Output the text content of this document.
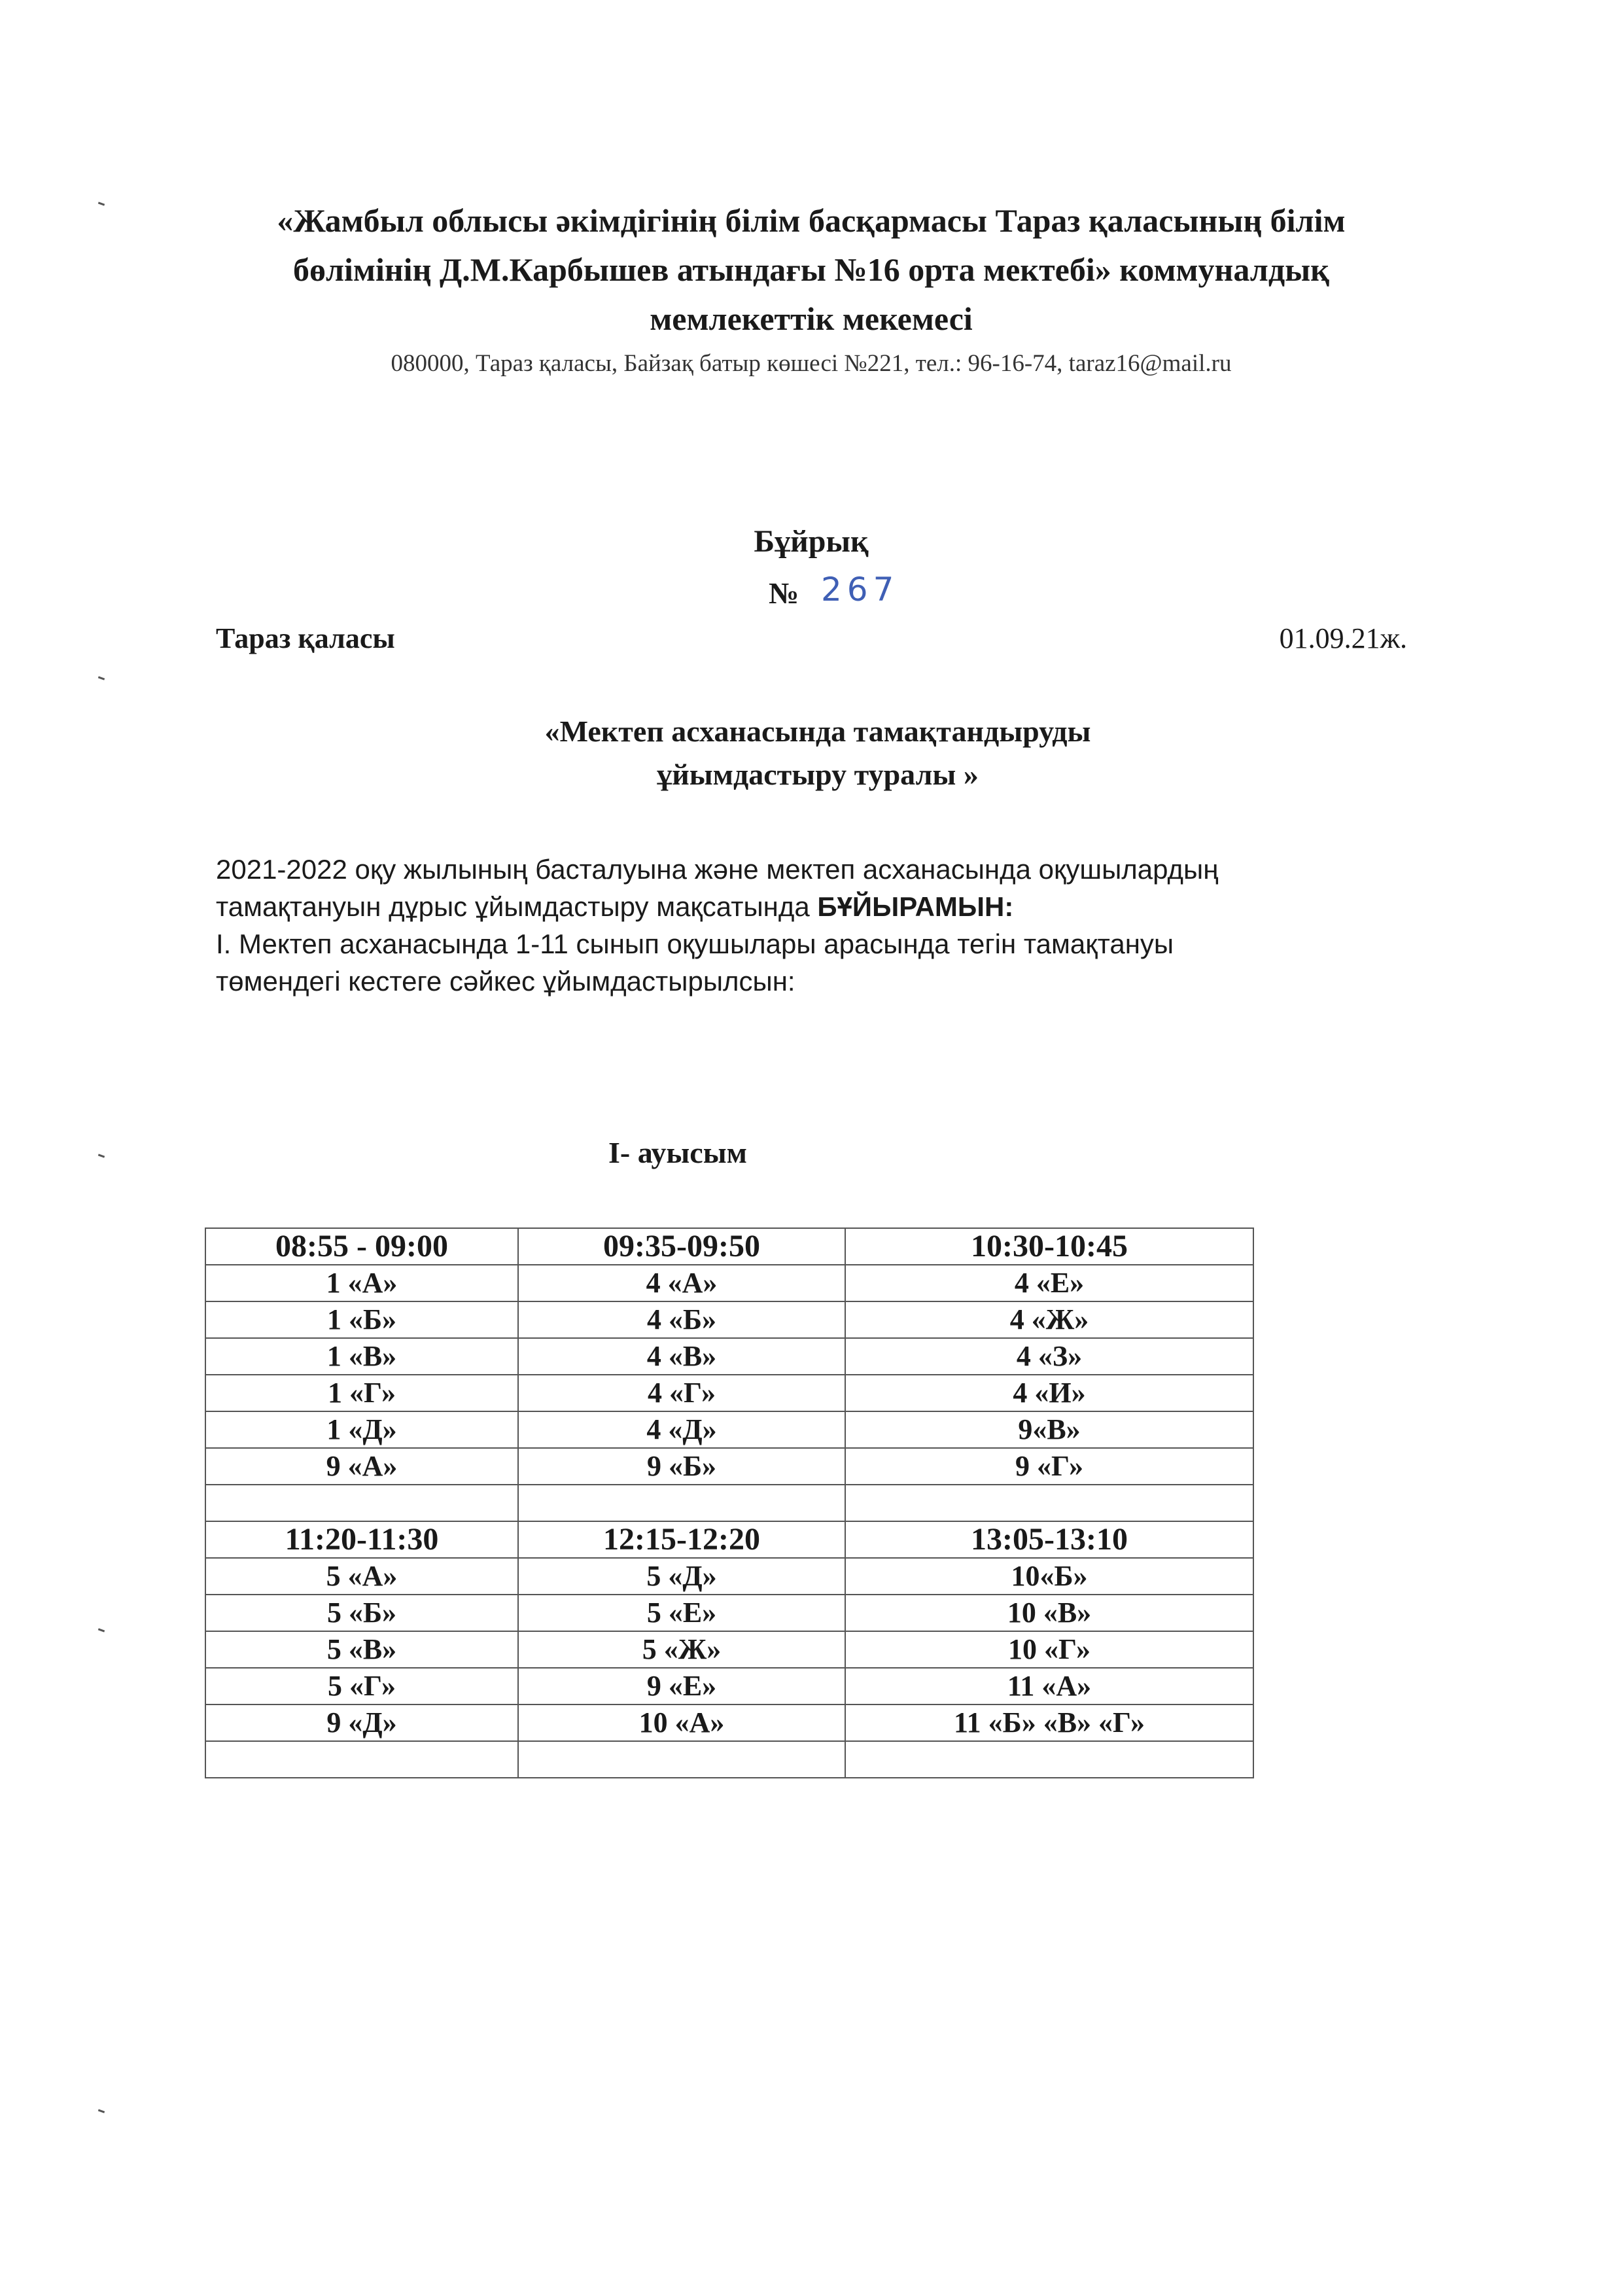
«Жамбыл облысы әкімдігінің білім басқармасы Тараз қаласының білім
бөлімінің Д.М.Карбышев атындағы №16 орта мектебі» коммуналдық
мемлекеттік мекемесі
080000, Тараз қаласы, Байзақ батыр көшесі №221, тел.: 96-16-74, taraz16@mail.ru
Бұйрық
№ 267
Тараз қаласы	01.09.21ж.
«Мектеп асханасында тамақтандыруды
ұйымдастыру туралы »

2021-2022 оқу жылының басталуына және мектеп асханасында оқушылардың

тамақтануын дұрыс ұйымдастыру мақсатында БҰЙЫРАМЫН:

I. Мектеп асханасында 1-11 сынып оқушылары арасында тегін тамақтануы

төмендегі кестеге сәйкес ұйымдастырылсын:

I- ауысым
08:55 - 09:00	09:35-09:50	10:30-10:45
1 «А»	4 «А»	4 «Е»
1 «Б»	4 «Б»	4 «Ж»
1 «В»	4 «В»	4 «З»
1 «Г»	4 «Г»	4 «И»
1 «Д»	4 «Д»	9«В»
9 «А»	9 «Б»	9 «Г»

11:20-11:30	12:15-12:20	13:05-13:10
5 «А»	5 «Д»	10«Б»
5 «Б»	5 «Е»	10 «В»
5 «В»	5 «Ж»	10 «Г»
5 «Г»	9 «Е»	11 «А»
9 «Д»	10 «А»	11 «Б» «В» «Г»
